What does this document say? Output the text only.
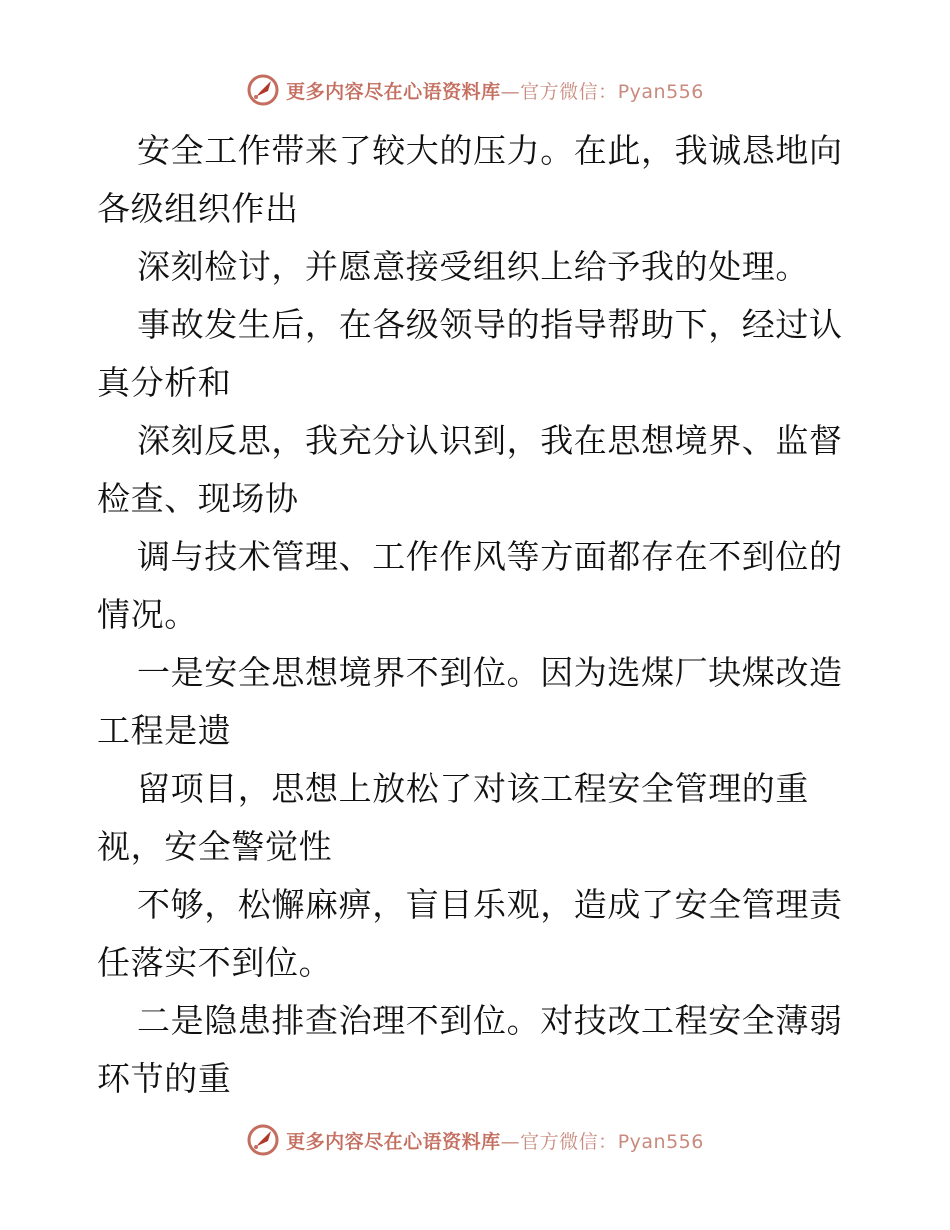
更多内容尽在心语资料库—官方微信：Pyan556

安全工作带来了较大的压力。在此，我诚恳地向
各级组织作出

深刻检讨，并愿意接受组织上给予我的处理。

事故发生后，在各级领导的指导帮助下，经过认
真分析和

深刻反思，我充分认识到，我在思想境界、监督
检查、现场协

调与技术管理、工作作风等方面都存在不到位的
情况。

一是安全思想境界不到位。因为选煤厂块煤改造
工程是遗

留项目，思想上放松了对该工程安全管理的重
视，安全警觉性

不够，松懈麻痹，盲目乐观，造成了安全管理责
任落实不到位。

二是隐患排查治理不到位。对技改工程安全薄弱
环节的重

更多内容尽在心语资料库—官方微信：Pyan556
